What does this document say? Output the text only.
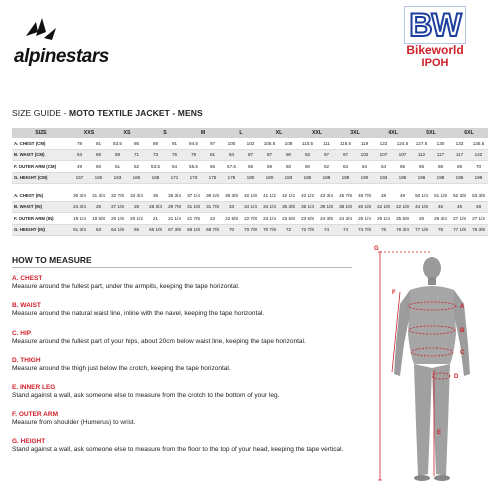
alpinestars
BW
Bikeworld
IPOH
SIZE GUIDE - MOTO TEXTILE JACKET - MENS
SIZE	XXS		XS		S		M		L		XL		XXL		3XL		4XL		5XL		6XL	
A. CHEST (CM)	78	81	83.5	86	89	91	94.5	97	100	102	105.5	108	110.5	111	116.5	119	122	124.5	127.5	130	133	135.5
B. WAIST (CM)	63	66	68	71	73	76	79	81	84	87	87	90	92	97	97	102	107	107	112	117	117	122
F. OUTER ARM (CM)	49	50	51	52	53.5	54	55.5	56	57.5	58	59	60	60	62	63	64	64	65	66	68	69	70
G. HEIGHT (CM)	157	160	163	165	168	171	173	175	178	180	180	183	185	188	188	190	193	195	196	198	196	199

A. CHEST (IN)	30 3/4	31 3/4	32 7/8	33 3/4	35	35 3/4	37 1/4	38 1/8	39 3/8	40 1/8	41 1/2	42 1/2	43 1/2	43 3/4	45 7/8	46 7/8	48	49	50 1/4	51 1/8	52 3/8	53 3/8
B. WAIST (IN)	24 3/4	26	27 1/8	28	28 3/4	29 7/8	31 1/8	31 7/8	33	34 1/4	34 1/4	35 3/8	36 1/4	38 1/8	38 1/8	40 1/8	42 1/8	42 1/8	44 1/8	46	46	48
F. OUTER ARM (IN)	19 1/4	19 5/8	20 1/8	20 1/2	21	21 1/4	21 7/8	22	22 5/8	22 7/8	23 1/4	23 5/8	23 5/8	24 3/8	24 3/4	25 1/4	25 1/4	25 5/8	26	26 3/4	27 1/8	27 1/2
G. HEIGHT (IN)	61 3/4	63	64 1/8	65	66 1/8	67 3/8	68 1/8	68 7/8	70	70 7/8	70 7/8	72	72 7/8	74	74	74 7/8	76	76 3/4	77 1/8	78	77 1/8	78 3/8
HOW TO MEASURE
A. CHEST
Measure around the fullest part, under the armpits, keeping the tape horizontal.
B. WAIST
Measure around the natural waist line, inline with the navel, keeping the tape horizontal.
C. HIP
Measure around the fullest part of your hips, about 20cm below waist line, keeping the tape horizontal.
D. THIGH
Measure around the thigh just below the crotch, keeping the tape horizontal.
E. INNER LEG
Stand against a wall, ask someone else to measure from the crotch to the bottom of your leg.
F. OUTER ARM
Measure from shoulder (Humerus) to wrist.
G. HEIGHT
Stand against a wall, ask someone else to measure from the floor to the top of your head, keeping the tape vertical.
G
F
A
B
C
D
E
